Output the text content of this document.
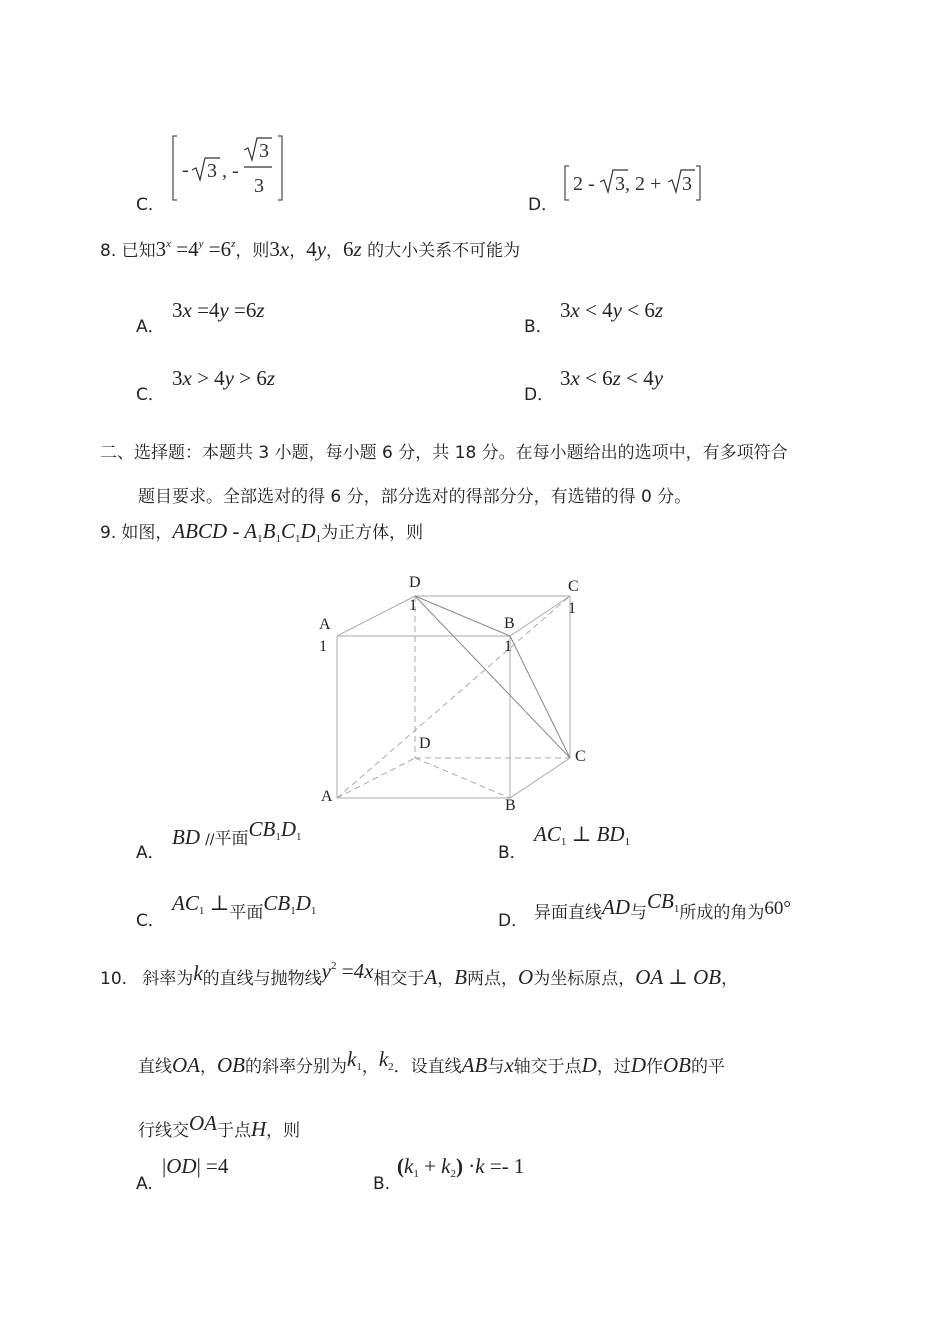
C．
- 3 , -
3
3
D．
2 - 3, 2 + 3
8. 已知$3^x =4^y =6^z$，则3x，4y，6z 的大小关系不可能为
A．
3x =4y =6z
B．
3x < 4y < 6z
C．
3x > 4y > 6z
D．
3x < 6z < 4y
二、选择题：本题共 3 小题，每小题 6 分，共 18 分。在每小题给出的选项中，有多项符合
题目要求。全部选对的得 6 分，部分选对的得部分分，有选错的得 0 分。
9. 如图，ABCD - $A_1B_1C_1D_1$为正方体，则
D
1
C
1
A
1
B
1
D
C
A
B
A．
BD //平面$CB_1D_1$
B．
$AC_1$ ⊥ $BD_1$
C．
$AC_1$ ⊥平面$CB_1D_1$	D． 异面直线AD与$CB_1$所成的角为60°
10. 斜率为k的直线与抛物线$y^2 =4x$相交于A，B两点，O为坐标原点，OA ⊥ OB，
直线OA，OB的斜率分别为$k_1$，$k_2$．设直线AB与x轴交于点D，过D作OB的平
行线交OA于点H，则
A.
|OD| =4
B.
$(k_1 + k_2) \cdot k =- 1$
